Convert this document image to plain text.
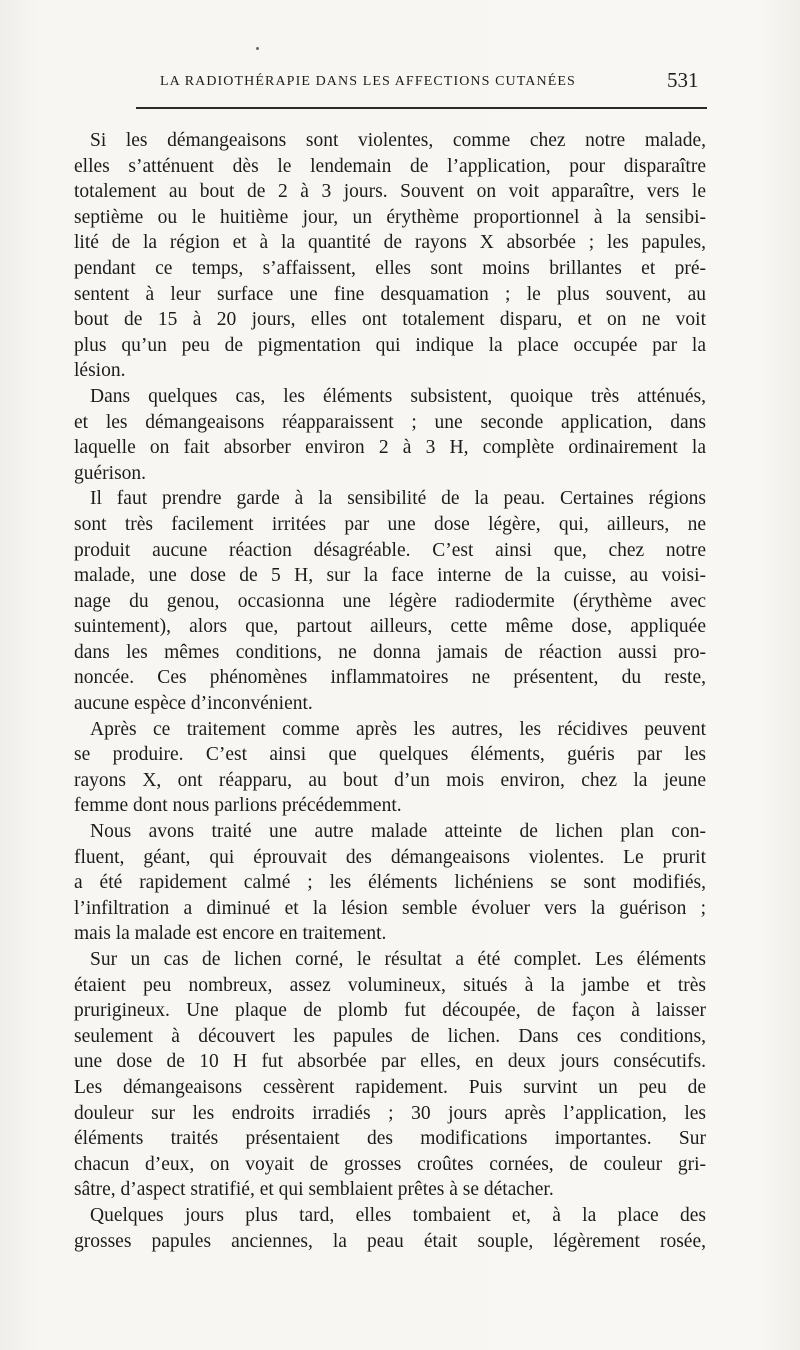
LA RADIOTHÉRAPIE DANS LES AFFECTIONS CUTANÉES	531
Si les démangeaisons sont violentes, comme chez notre malade,
elles s’atténuent dès le lendemain de l’application, pour disparaître
totalement au bout de 2 à 3 jours. Souvent on voit apparaître, vers le
septième ou le huitième jour, un érythème proportionnel à la sensibi-
lité de la région et à la quantité de rayons X absorbée ; les papules,
pendant ce temps, s’affaissent, elles sont moins brillantes et pré-
sentent à leur surface une fine desquamation ; le plus souvent, au
bout de 15 à 20 jours, elles ont totalement disparu, et on ne voit
plus qu’un peu de pigmentation qui indique la place occupée par la
lésion.
Dans quelques cas, les éléments subsistent, quoique très atténués,
et les démangeaisons réapparaissent ; une seconde application, dans
laquelle on fait absorber environ 2 à 3 H, complète ordinairement la
guérison.
Il faut prendre garde à la sensibilité de la peau. Certaines régions
sont très facilement irritées par une dose légère, qui, ailleurs, ne
produit aucune réaction désagréable. C’est ainsi que, chez notre
malade, une dose de 5 H, sur la face interne de la cuisse, au voisi-
nage du genou, occasionna une légère radiodermite (érythème avec
suintement), alors que, partout ailleurs, cette même dose, appliquée
dans les mêmes conditions, ne donna jamais de réaction aussi pro-
noncée. Ces phénomènes inflammatoires ne présentent, du reste,
aucune espèce d’inconvénient.
Après ce traitement comme après les autres, les récidives peuvent
se produire. C’est ainsi que quelques éléments, guéris par les
rayons X, ont réapparu, au bout d’un mois environ, chez la jeune
femme dont nous parlions précédemment.
Nous avons traité une autre malade atteinte de lichen plan con-
fluent, géant, qui éprouvait des démangeaisons violentes. Le prurit
a été rapidement calmé ; les éléments lichéniens se sont modifiés,
l’infiltration a diminué et la lésion semble évoluer vers la guérison ;
mais la malade est encore en traitement.
Sur un cas de lichen corné, le résultat a été complet. Les éléments
étaient peu nombreux, assez volumineux, situés à la jambe et très
prurigineux. Une plaque de plomb fut découpée, de façon à laisser
seulement à découvert les papules de lichen. Dans ces conditions,
une dose de 10 H fut absorbée par elles, en deux jours consécutifs.
Les démangeaisons cessèrent rapidement. Puis survint un peu de
douleur sur les endroits irradiés ; 30 jours après l’application, les
éléments traités présentaient des modifications importantes. Sur
chacun d’eux, on voyait de grosses croûtes cornées, de couleur gri-
sâtre, d’aspect stratifié, et qui semblaient prêtes à se détacher.
Quelques jours plus tard, elles tombaient et, à la place des
grosses papules anciennes, la peau était souple, légèrement rosée,
